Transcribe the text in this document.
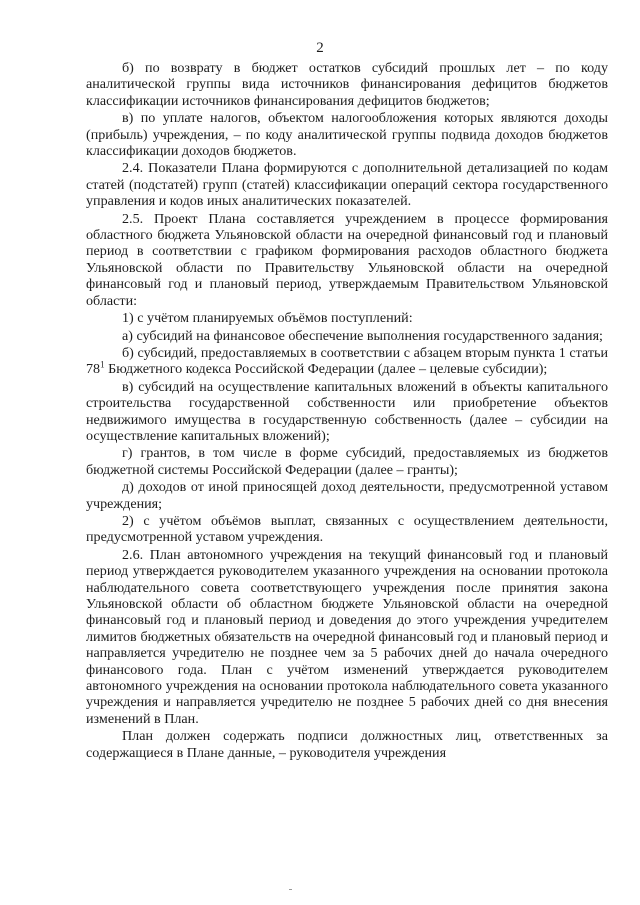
2

б) по возврату в бюджет остатков субсидий прошлых лет – по коду аналитической группы вида источников финансирования дефицитов бюджетов классификации источников финансирования дефицитов бюджетов;

в) по уплате налогов, объектом налогообложения которых являются доходы (прибыль) учреждения, – по коду аналитической группы подвида доходов бюджетов классификации доходов бюджетов.

2.4. Показатели Плана формируются с дополнительной детализацией по кодам статей (подстатей) групп (статей) классификации операций сектора государственного управления и кодов иных аналитических показателей.

2.5. Проект Плана составляется учреждением в процессе формирования областного бюджета Ульяновской области на очередной финансовый год и плановый период в соответствии с графиком формирования расходов областного бюджета Ульяновской области по Правительству Ульяновской области на очередной финансовый год и плановый период, утверждаемым Правительством Ульяновской области:

1) с учётом планируемых объёмов поступлений:

а) субсидий на финансовое обеспечение выполнения государственного задания;

б) субсидий, предоставляемых в соответствии с абзацем вторым пункта 1 статьи $78^1$ Бюджетного кодекса Российской Федерации (далее – целевые субсидии);

в) субсидий на осуществление капитальных вложений в объекты капитального строительства государственной собственности или приобретение объектов недвижимого имущества в государственную собственность (далее – субсидии на осуществление капитальных вложений);

г) грантов, в том числе в форме субсидий, предоставляемых из бюджетов бюджетной системы Российской Федерации (далее – гранты);

д) доходов от иной приносящей доход деятельности, предусмотренной уставом учреждения;

2) с учётом объёмов выплат, связанных с осуществлением деятельности, предусмотренной уставом учреждения.

2.6. План автономного учреждения на текущий финансовый год и плановый период утверждается руководителем указанного учреждения на основании протокола наблюдательного совета соответствующего учреждения после принятия закона Ульяновской области об областном бюджете Ульяновской области на очередной финансовый год и плановый период и доведения до этого учреждения учредителем лимитов бюджетных обязательств на очередной финансовый год и плановый период и направляется учредителю не позднее чем за 5 рабочих дней до начала очередного финансового года. План с учётом изменений утверждается руководителем автономного учреждения на основании протокола наблюдательного совета указанного учреждения и направляется учредителю не позднее 5 рабочих дней со дня внесения изменений в План.

План должен содержать подписи должностных лиц, ответственных за содержащиеся в Плане данные, – руководителя учреждения
